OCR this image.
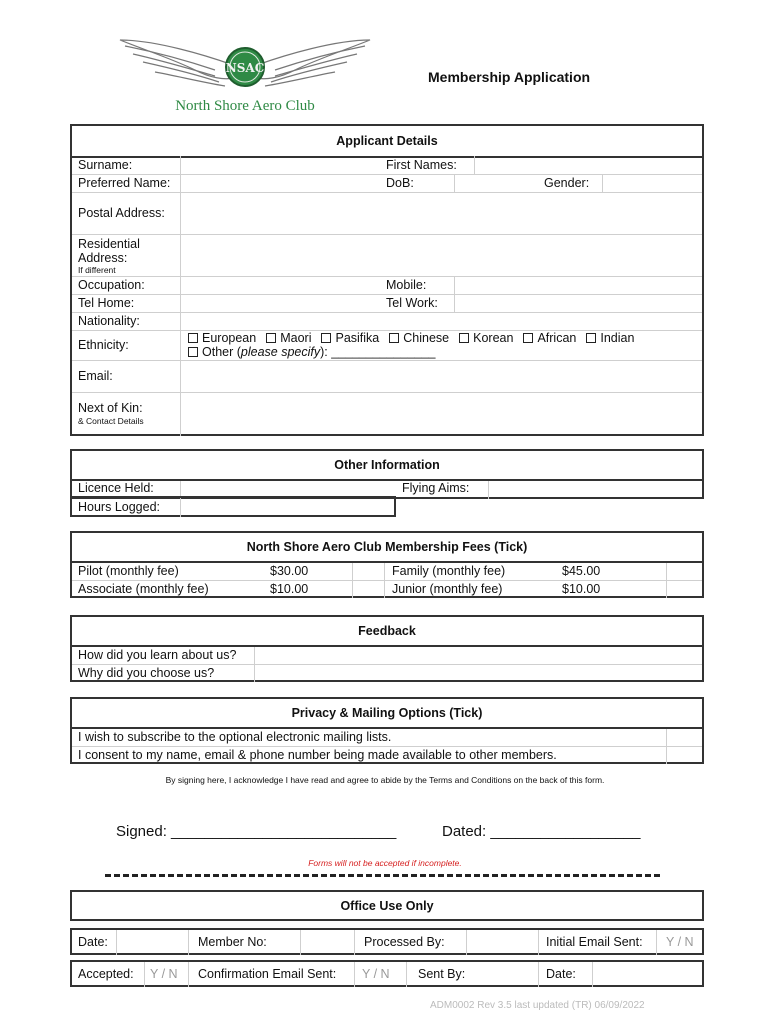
NSAC
North Shore Aero Club
Membership Application
Applicant Details
Surname:	First Names:
Preferred Name:	DoB:	Gender:
Postal Address:
Residential
Address:
If different
Occupation:	Mobile:
Tel Home:	Tel Work:
Nationality:
Ethnicity:	European Maori Pasifika Chinese Korean African Indian
Other (please specify): _______________
Email:
Next of Kin:
& Contact Details
Other Information
Licence Held:	Flying Aims:
Hours Logged:
North Shore Aero Club Membership Fees (Tick)
Pilot (monthly fee)	$30.00	Family (monthly fee)	$45.00
Associate (monthly fee)	$10.00	Junior (monthly fee)	$10.00
Feedback
How did you learn about us?
Why did you choose us?
Privacy & Mailing Options (Tick)
I wish to subscribe to the optional electronic mailing lists.
I consent to my name, email & phone number being made available to other members.
By signing here, I acknowledge I have read and agree to abide by the Terms and Conditions on the back of this form.
Signed: ___________________________	Dated: __________________
Forms will not be accepted if incomplete.
Office Use Only
Date:	Member No:	Processed By:	Initial Email Sent: Y / N
Accepted: Y / N Confirmation Email Sent: Y / N Sent By:	Date:
ADM0002 Rev 3.5 last updated (TR) 06/09/2022
